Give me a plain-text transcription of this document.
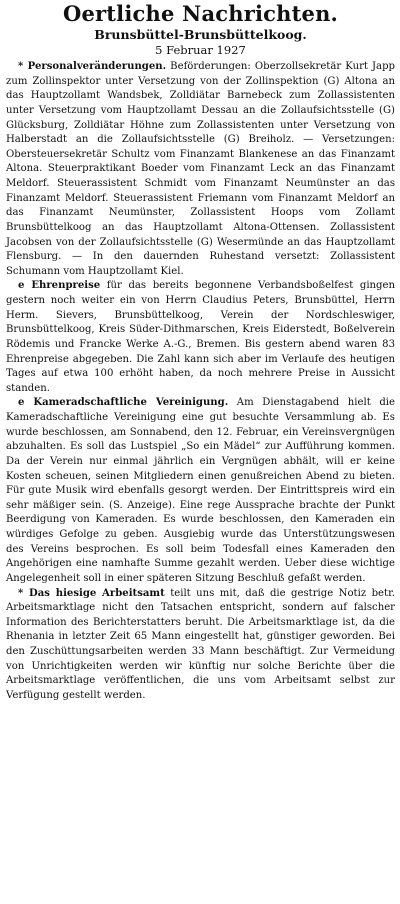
Oertliche Nachrichten.
Brunsbüttel-Brunsbüttelkoog.
5 Februar 1927

* Personalveränderungen. Beförderungen: Oberzollsekretär Kurt Japp zum Zollinspektor unter Versetzung von der Zollinspektion (G) Altona an das Hauptzollamt Wandsbek, Zolldiätar Barnebeck zum Zollassistenten unter Versetzung vom Hauptzollamt Dessau an die Zollaufsichtsstelle (G) Glücksburg, Zolldiätar Höhne zum Zollassistenten unter Versetzung von Halberstadt an die Zollaufsichtsstelle (G) Breiholz. — Versetzungen: Obersteuersekretär Schultz vom Finanzamt Blankenese an das Finanzamt Altona. Steuerpraktikant Boeder vom Finanzamt Leck an das Finanzamt Meldorf. Steuerassistent Schmidt vom Finanzamt Neumünster an das Finanzamt Meldorf. Steuerassistent Friemann vom Finanzamt Meldorf an das Finanzamt Neumünster, Zollassistent Hoops vom Zollamt Brunsbüttelkoog an das Hauptzollamt Altona-Ottensen. Zollassistent Jacobsen von der Zollaufsichtsstelle (G) Wesermünde an das Hauptzollamt Flensburg. — In den dauernden Ruhestand versetzt: Zollassistent Schumann vom Hauptzollamt Kiel.

e Ehrenpreise für das bereits begonnene Verbandsboßelfest gingen gestern noch weiter ein von Herrn Claudius Peters, Brunsbüttel, Herrn Herm. Sievers, Brunsbüttelkoog, Verein der Nordschleswiger, Brunsbüttelkoog, Kreis Süder-Dithmarschen, Kreis Eiderstedt, Boßelverein Rödemis und Francke Werke A.-G., Bremen. Bis gestern abend waren 83 Ehrenpreise abgegeben. Die Zahl kann sich aber im Verlaufe des heutigen Tages auf etwa 100 erhöht haben, da noch mehrere Preise in Aussicht standen.

e Kameradschaftliche Vereinigung. Am Dienstagabend hielt die Kameradschaftliche Vereinigung eine gut besuchte Versammlung ab. Es wurde beschlossen, am Sonnabend, den 12. Februar, ein Vereinsvergnügen abzuhalten. Es soll das Lustspiel „So ein Mädel“ zur Aufführung kommen. Da der Verein nur einmal jährlich ein Vergnügen abhält, will er keine Kosten scheuen, seinen Mitgliedern einen genußreichen Abend zu bieten. Für gute Musik wird ebenfalls gesorgt werden. Der Eintrittspreis wird ein sehr mäßiger sein. (S. Anzeige). Eine rege Aussprache brachte der Punkt Beerdigung von Kameraden. Es wurde beschlossen, den Kameraden ein würdiges Gefolge zu geben. Ausgiebig wurde das Unterstützungswesen des Vereins besprochen. Es soll beim Todesfall eines Kameraden den Angehörigen eine namhafte Summe gezahlt werden. Ueber diese wichtige Angelegenheit soll in einer späteren Sitzung Beschluß gefaßt werden.

* Das hiesige Arbeitsamt teilt uns mit, daß die gestrige Notiz betr. Arbeitsmarktlage nicht den Tatsachen entspricht, sondern auf falscher Information des Berichterstatters beruht. Die Arbeitsmarktlage ist, da die Rhenania in letzter Zeit 65 Mann eingestellt hat, günstiger geworden. Bei den Zuschüttungsarbeiten werden 33 Mann beschäftigt. Zur Vermeidung von Unrichtigkeiten werden wir künftig nur solche Berichte über die Arbeitsmarktlage veröffentlichen, die uns vom Arbeitsamt selbst zur Verfügung gestellt werden.
